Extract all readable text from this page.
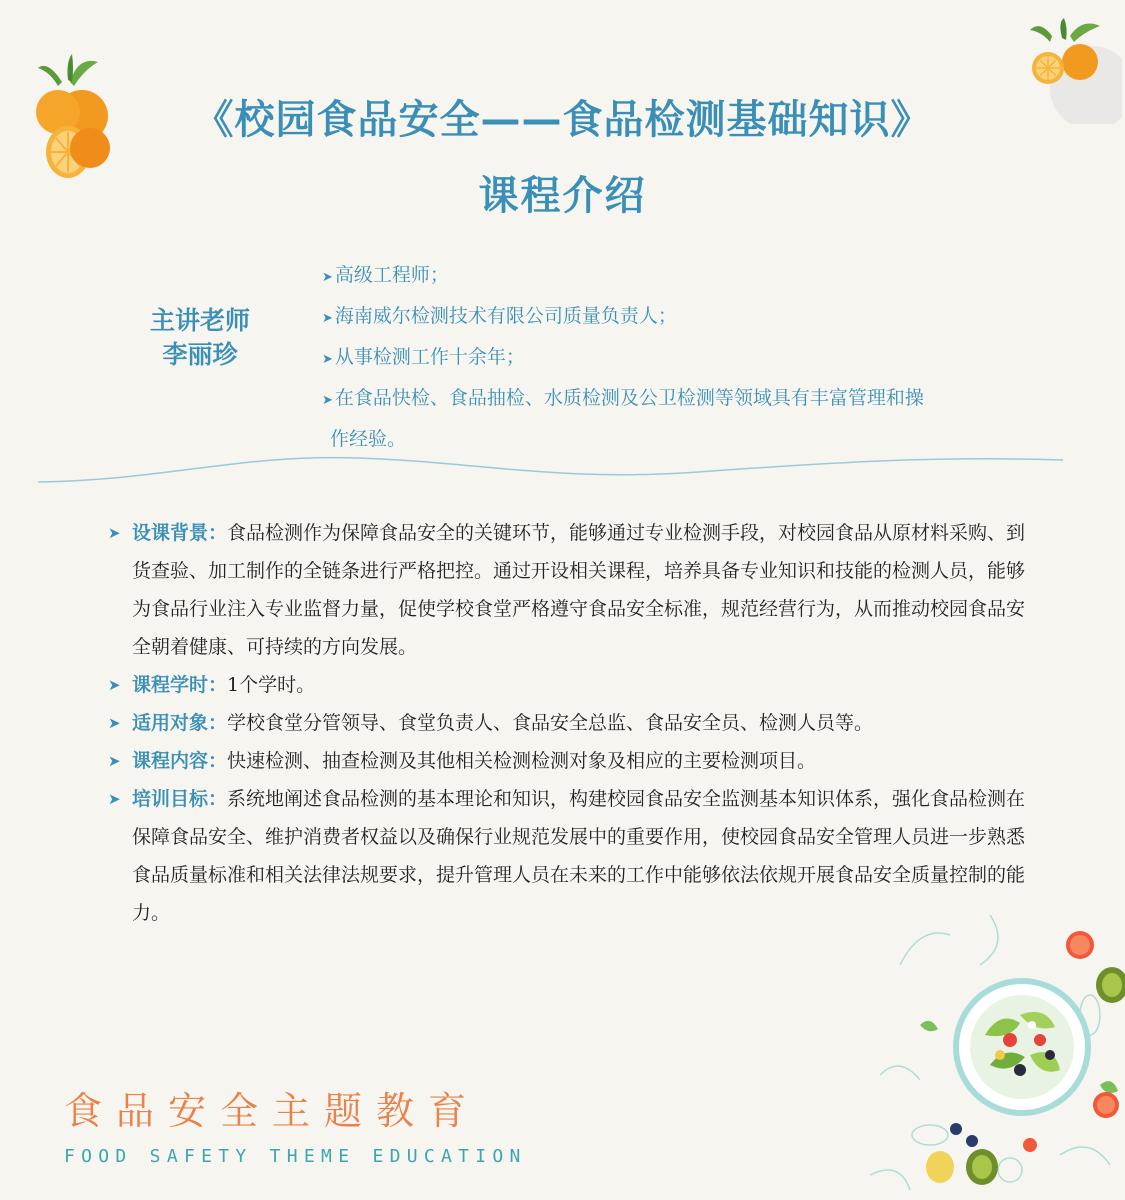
《校园食品安全——食品检测基础知识》
课程介绍
主讲老师
李丽珍
➤ 高级工程师；
➤ 海南威尔检测技术有限公司质量负责人；
➤ 从事检测工作十余年；
➤ 在食品快检、食品抽检、水质检测及公卫检测等领域具有丰富管理和操
作经验。
➤ 设课背景：食品检测作为保障食品安全的关键环节，能够通过专业检测手段，对校园食品从原材料采购、到货查验、加工制作的全链条进行严格把控。通过开设相关课程，培养具备专业知识和技能的检测人员，能够为食品行业注入专业监督力量，促使学校食堂严格遵守食品安全标准，规范经营行为，从而推动校园食品安全朝着健康、可持续的方向发展。
➤ 课程学时：1个学时。
➤ 适用对象：学校食堂分管领导、食堂负责人、食品安全总监、食品安全员、检测人员等。
➤ 课程内容：快速检测、抽查检测及其他相关检测检测对象及相应的主要检测项目。
➤ 培训目标：系统地阐述食品检测的基本理论和知识，构建校园食品安全监测基本知识体系，强化食品检测在保障食品安全、维护消费者权益以及确保行业规范发展中的重要作用，使校园食品安全管理人员进一步熟悉食品质量标准和相关法律法规要求，提升管理人员在未来的工作中能够依法依规开展食品安全质量控制的能力。
食品安全主题教育
FOOD SAFETY THEME EDUCATION
